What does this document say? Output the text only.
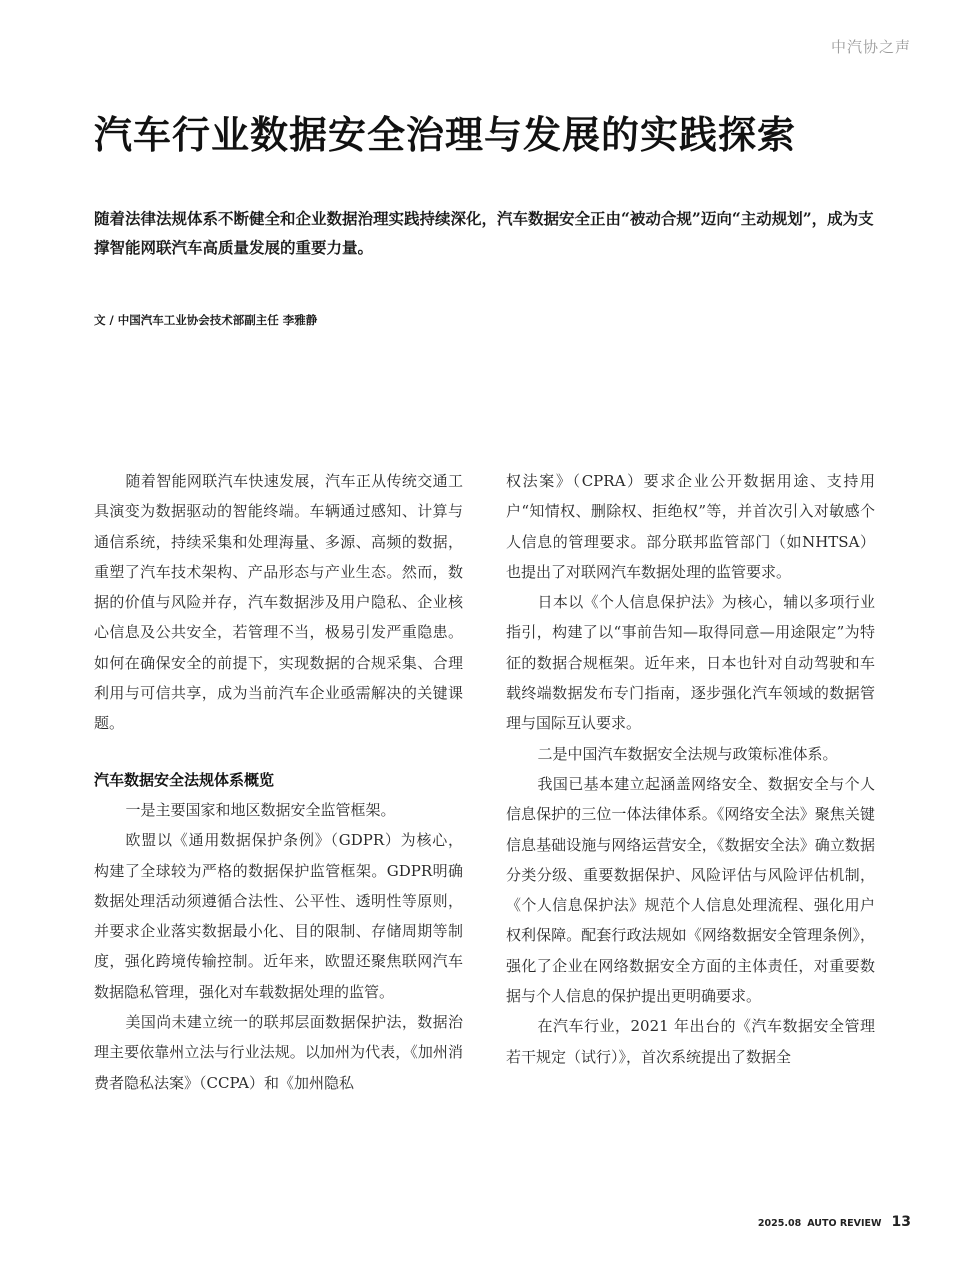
中汽协之声
汽车行业数据安全治理与发展的实践探索

随着法律法规体系不断健全和企业数据治理实践持续深化，汽车数据安全正由“被动合规”迈向“主动规划”，成为支撑智能网联汽车高质量发展的重要力量。

文 / 中国汽车工业协会技术部副主任 李雅静

随着智能网联汽车快速发展，汽车正从传统交通工具演变为数据驱动的智能终端。车辆通过感知、计算与通信系统，持续采集和处理海量、多源、高频的数据，重塑了汽车技术架构、产品形态与产业生态。然而，数据的价值与风险并存，汽车数据涉及用户隐私、企业核心信息及公共安全，若管理不当，极易引发严重隐患。如何在确保安全的前提下，实现数据的合规采集、合理利用与可信共享，成为当前汽车企业亟需解决的关键课题。

汽车数据安全法规体系概览

一是主要国家和地区数据安全监管框架。

欧盟以《通用数据保护条例》（GDPR）为核心，构建了全球较为严格的数据保护监管框架。GDPR明确数据处理活动须遵循合法性、公平性、透明性等原则，并要求企业落实数据最小化、目的限制、存储周期等制度，强化跨境传输控制。近年来，欧盟还聚焦联网汽车数据隐私管理，强化对车载数据处理的监管。

美国尚未建立统一的联邦层面数据保护法，数据治理主要依靠州立法与行业法规。以加州为代表，《加州消费者隐私法案》（CCPA）和《加州隐私

权法案》（CPRA）要求企业公开数据用途、支持用户“知情权、删除权、拒绝权”等，并首次引入对敏感个人信息的管理要求。部分联邦监管部门（如NHTSA）也提出了对联网汽车数据处理的监管要求。

日本以《个人信息保护法》为核心，辅以多项行业指引，构建了以“事前告知—取得同意—用途限定”为特征的数据合规框架。近年来，日本也针对自动驾驶和车载终端数据发布专门指南，逐步强化汽车领域的数据管理与国际互认要求。

二是中国汽车数据安全法规与政策标准体系。

我国已基本建立起涵盖网络安全、数据安全与个人信息保护的三位一体法律体系。《网络安全法》聚焦关键信息基础设施与网络运营安全，《数据安全法》确立数据分类分级、重要数据保护、风险评估与风险评估机制，《个人信息保护法》规范个人信息处理流程、强化用户权利保障。配套行政法规如《网络数据安全管理条例》，强化了企业在网络数据安全方面的主体责任，对重要数据与个人信息的保护提出更明确要求。

在汽车行业，2021 年出台的《汽车数据安全管理若干规定（试行）》，首次系统提出了数据全

2025.08 AUTO REVIEW 13
